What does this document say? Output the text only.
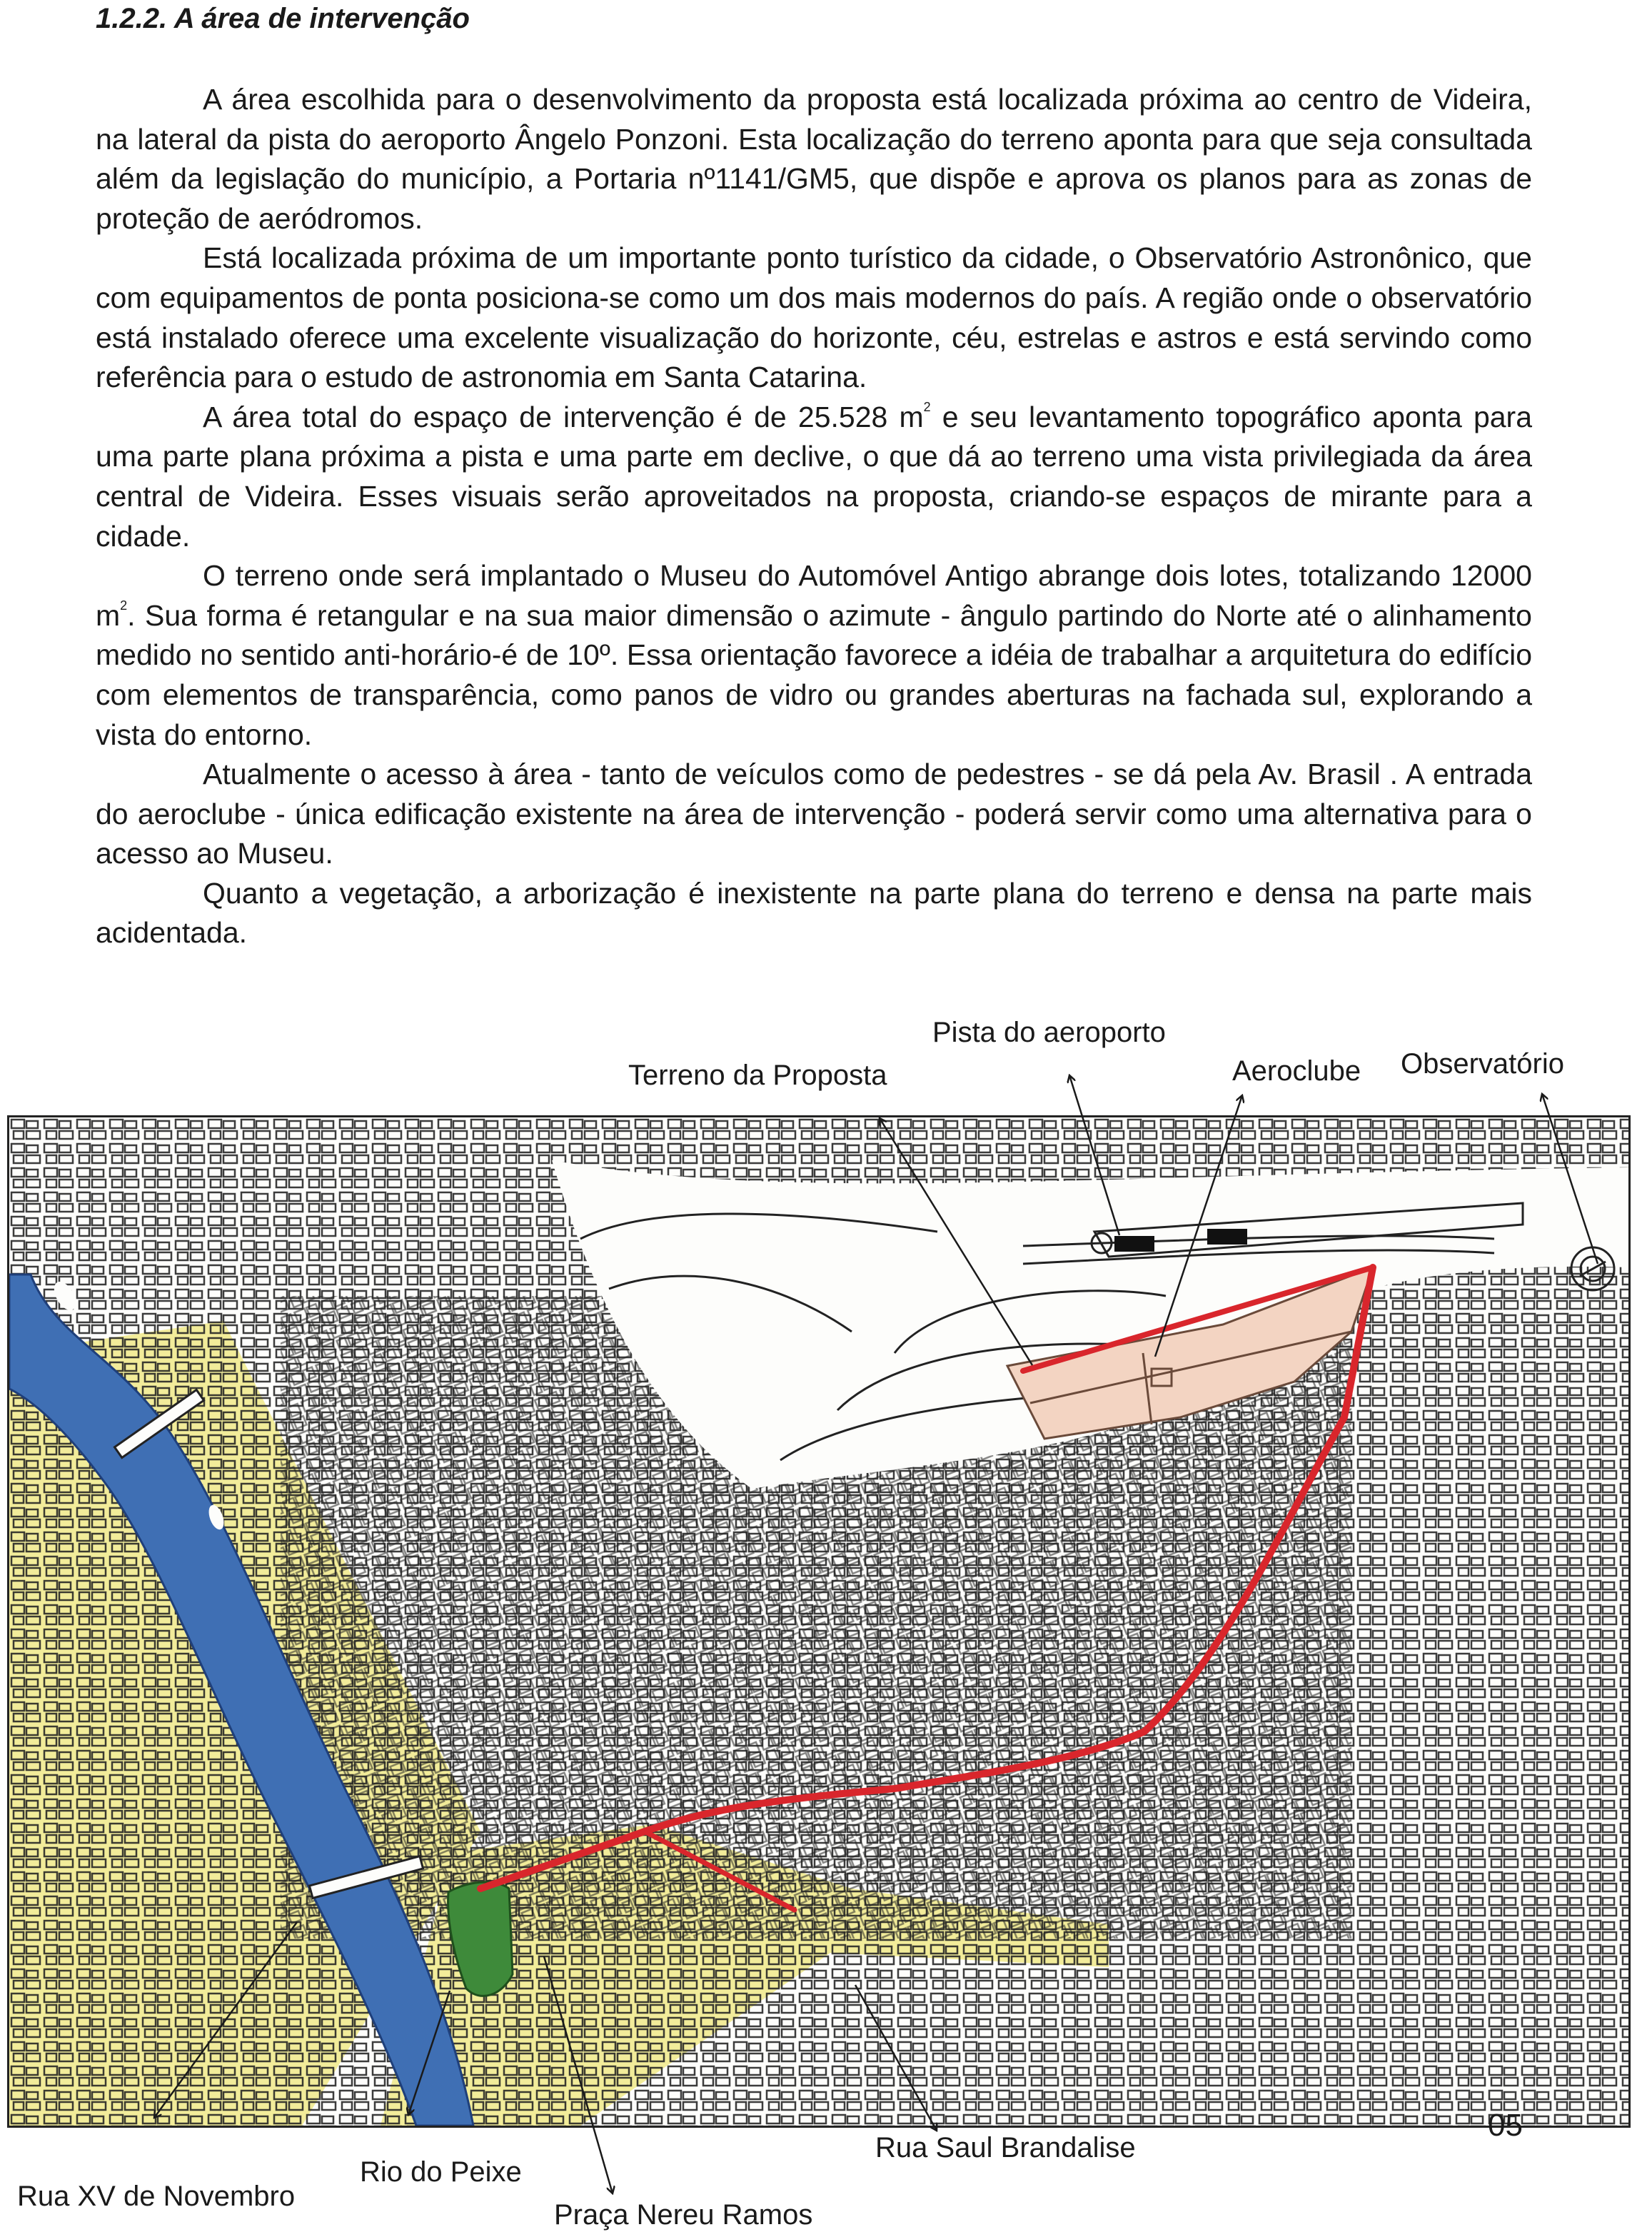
1.2.2. A área de intervenção

A área escolhida para o desenvolvimento da proposta está localizada próxima ao centro de Videira, na lateral da pista do aeroporto Ângelo Ponzoni. Esta localização do terreno aponta para que seja consultada além da legislação do município, a Portaria nº1141/GM5, que dispõe e aprova os planos para as zonas de proteção de aeródromos.

Está localizada próxima de um importante ponto turístico da cidade, o Observatório Astronônico, que com equipamentos de ponta posiciona-se como um dos mais modernos do país. A região onde o observatório está instalado oferece uma excelente visualização do horizonte, céu, estrelas e astros e está servindo como referência para o estudo de astronomia em Santa Catarina.

A área total do espaço de intervenção é de 25.528 $m^2$ e seu levantamento topográfico aponta para uma parte plana próxima a pista e uma parte em declive, o que dá ao terreno uma vista privilegiada da área central de Videira. Esses visuais serão aproveitados na proposta, criando-se espaços de mirante para a cidade.

O terreno onde será implantado o Museu do Automóvel Antigo abrange dois lotes, totalizando 12000 $m^2$. Sua forma é retangular e na sua maior dimensão o azimute - ângulo partindo do Norte até o alinhamento medido no sentido anti-horário-é de 10º. Essa orientação favorece a idéia de trabalhar a arquitetura do edifício com elementos de transparência, como panos de vidro ou grandes aberturas na fachada sul, explorando a vista do entorno.

Atualmente o acesso à área - tanto de veículos como de pedestres - se dá pela Av. Brasil . A entrada do aeroclube - única edificação existente na área de intervenção - poderá servir como uma alternativa para o acesso ao Museu.

Quanto a vegetação, a arborização é inexistente na parte plana do terreno e densa na parte mais acidentada.

Pista do aeroporto
Terreno da Proposta	Aeroclube Observatório
Rua XV de Novembro
Rio do Peixe
Praça Nereu Ramos
Rua Saul Brandalise
05
